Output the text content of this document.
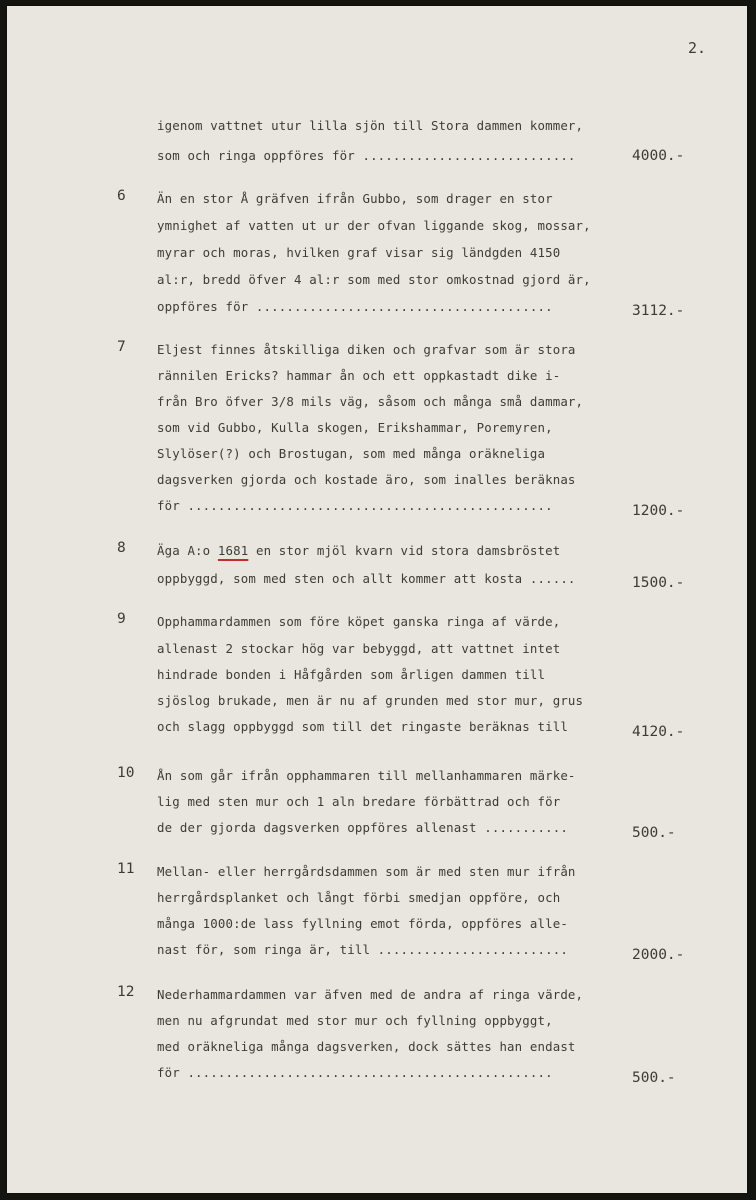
2.
igenom vattnet utur lilla sjön till Stora dammen kommer,
som och ringa oppföres för ............................	4000.-
6	Än en stor Å gräfven ifrån Gubbo, som drager en stor
ymnighet af vatten ut ur der ofvan liggande skog, mossar,
myrar och moras, hvilken graf visar sig ländgden 4150
al:r, bredd öfver 4 al:r som med stor omkostnad gjord är,
oppföres för .......................................	3112.-
7	Eljest finnes åtskilliga diken och grafvar som är stora
rännilen Ericks? hammar ån och ett oppkastadt dike i-
från Bro öfver 3/8 mils väg, såsom och många små dammar,
som vid Gubbo, Kulla skogen, Erikshammar, Poremyren,
Slylöser(?) och Brostugan, som med många oräkneliga
dagsverken gjorda och kostade äro, som inalles beräknas
för ................................................	1200.-
8	Äga A:o 1681 en stor mjöl kvarn vid stora damsbröstet
oppbyggd, som med sten och allt kommer att kosta ......	1500.-
9	Opphammardammen som före köpet ganska ringa af värde,
allenast 2 stockar hög var bebyggd, att vattnet intet
hindrade bonden i Håfgården som årligen dammen till
sjöslog brukade, men är nu af grunden med stor mur, grus
och slagg oppbyggd som till det ringaste beräknas till	4120.-
10 Ån som går ifrån opphammaren till mellanhammaren märke-
lig med sten mur och 1 aln bredare förbättrad och för
de der gjorda dagsverken oppföres allenast ...........	500.-
11 Mellan- eller herrgårdsdammen som är med sten mur ifrån
herrgårdsplanket och långt förbi smedjan oppföre, och
många 1000:de lass fyllning emot förda, oppföres alle-
nast för, som ringa är, till .........................	2000.-
12 Nederhammardammen var äfven med de andra af ringa värde,
men nu afgrundat med stor mur och fyllning oppbyggt,
med oräkneliga många dagsverken, dock sättes han endast
för ................................................	500.-
